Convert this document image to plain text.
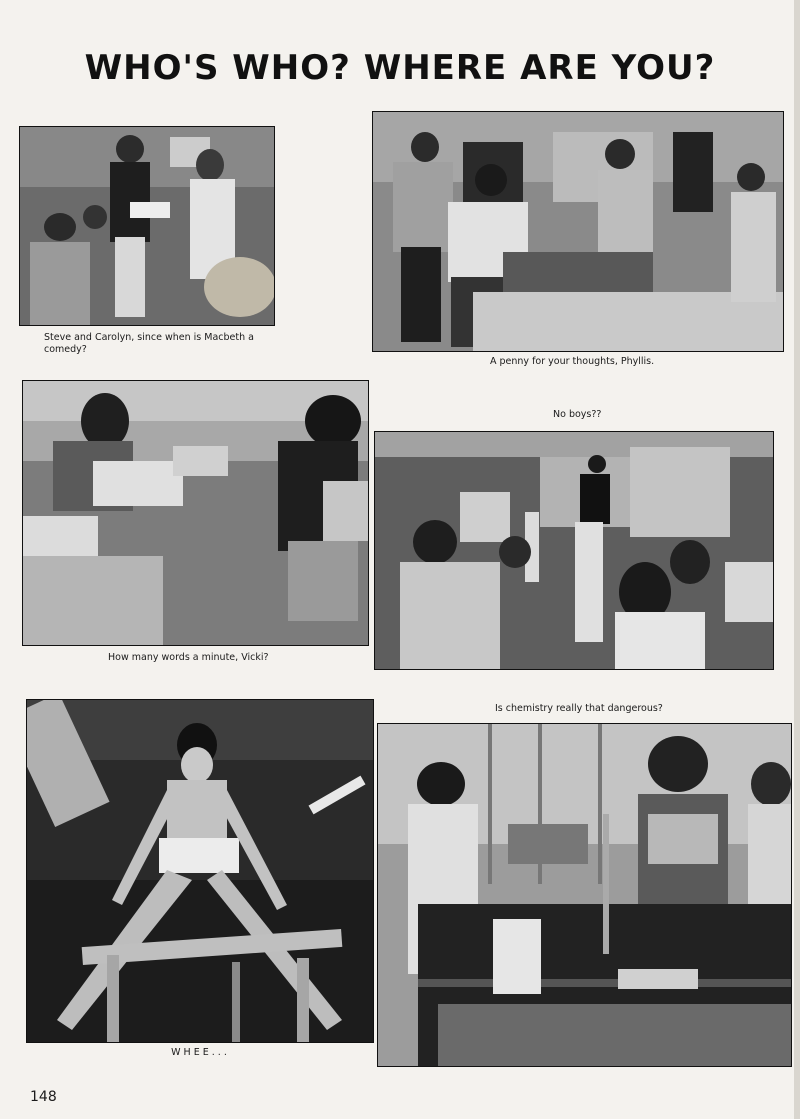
WHO'S WHO? WHERE ARE YOU?
Steve and Carolyn, since when is Macbeth a comedy?
A penny for your thoughts, Phyllis.
No boys??
How many words a minute, Vicki?
Is chemistry really that dangerous?
W H E E . . .
148
